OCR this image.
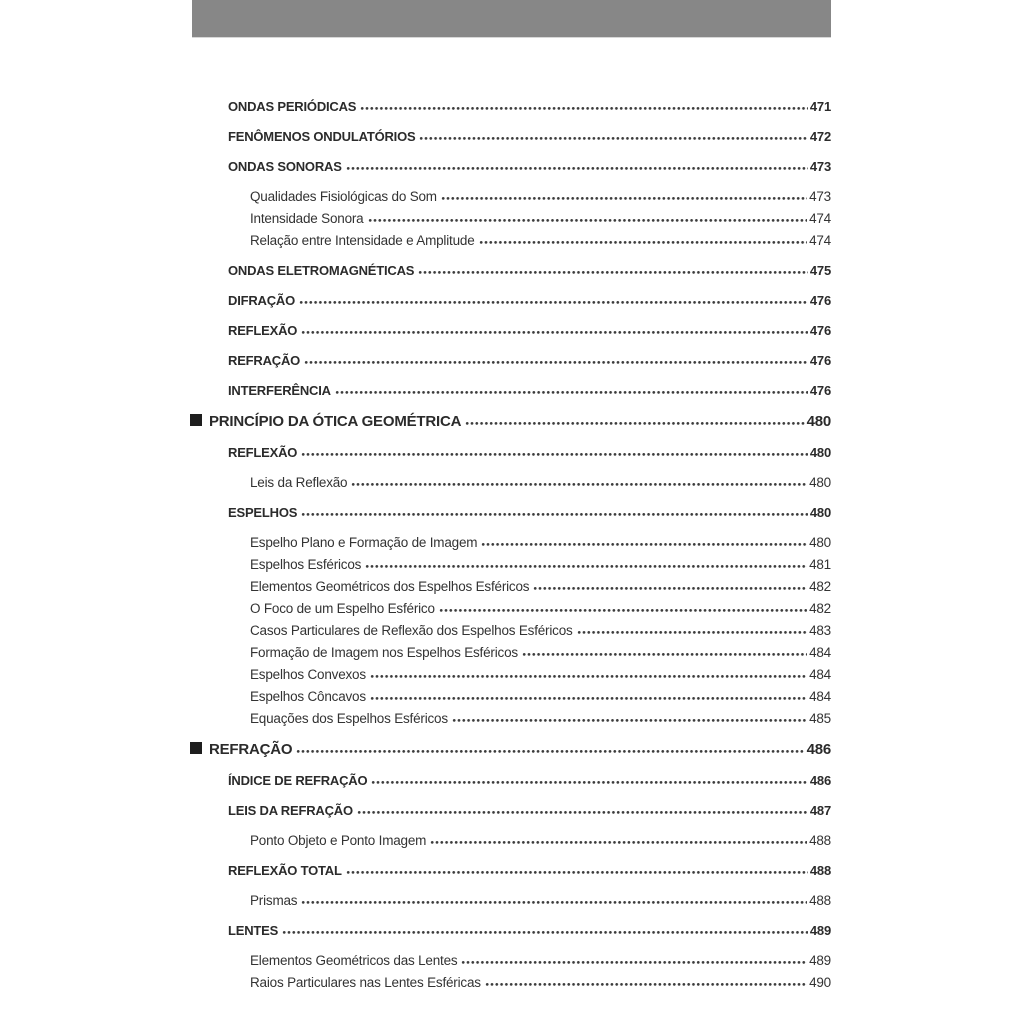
ONDAS PERIÓDICAS	471
FENÔMENOS ONDULATÓRIOS	472
ONDAS SONORAS	473
Qualidades Fisiológicas do Som	473
Intensidade Sonora	474
Relação entre Intensidade e Amplitude	474
ONDAS ELETROMAGNÉTICAS	475
DIFRAÇÃO	476
REFLEXÃO	476
REFRAÇÃO	476
INTERFERÊNCIA	476
PRINCÍPIO DA ÓTICA GEOMÉTRICA	480
REFLEXÃO	480
Leis da Reflexão	480
ESPELHOS	480
Espelho Plano e Formação de Imagem	480
Espelhos Esféricos	481
Elementos Geométricos dos Espelhos Esféricos	482
O Foco de um Espelho Esférico	482
Casos Particulares de Reflexão dos Espelhos Esféricos	483
Formação de Imagem nos Espelhos Esféricos	484
Espelhos Convexos	484
Espelhos Côncavos	484
Equações dos Espelhos Esféricos	485
REFRAÇÃO	486
ÍNDICE DE REFRAÇÃO	486
LEIS DA REFRAÇÃO	487
Ponto Objeto e Ponto Imagem	488
REFLEXÃO TOTAL	488
Prismas	488
LENTES	489
Elementos Geométricos das Lentes	489
Raios Particulares nas Lentes Esféricas	490
